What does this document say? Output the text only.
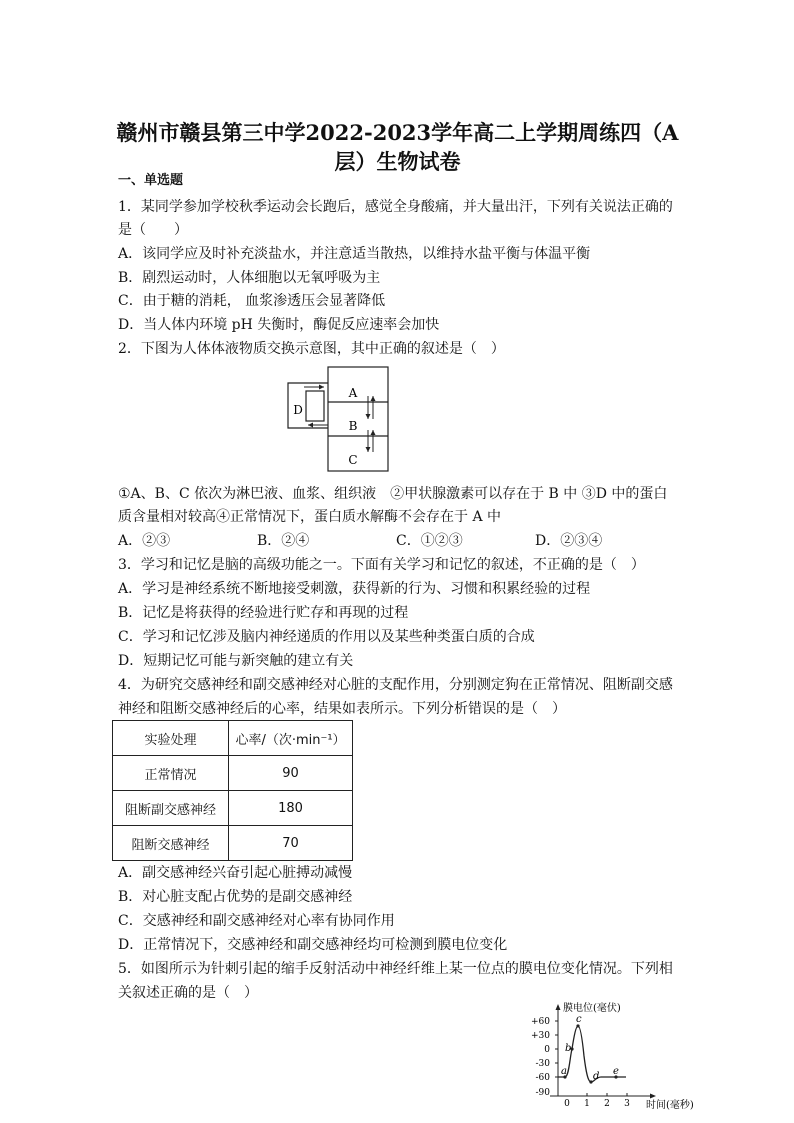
赣州市赣县第三中学2022-2023学年高二上学期周练四（A
层）生物试卷
一、单选题
1．某同学参加学校秋季运动会长跑后，感觉全身酸痛，并大量出汗，下列有关说法正确的
是（　　）
A．该同学应及时补充淡盐水，并注意适当散热，以维持水盐平衡与体温平衡
B．剧烈运动时，人体细胞以无氧呼吸为主
C．由于糖的消耗， 血浆渗透压会显著降低
D．当人体内环境 pH 失衡时，酶促反应速率会加快
2．下图为人体体液物质交换示意图，其中正确的叙述是（　）
A
B
C
D
①A、B、C 依次为淋巴液、血浆、组织液　②甲状腺激素可以存在于 B 中 ③D 中的蛋白
质含量相对较高④正常情况下，蛋白质水解酶不会存在于 A 中
A．②③	B．②④	C．①②③	D．②③④
3．学习和记忆是脑的高级功能之一。下面有关学习和记忆的叙述，不正确的是（　）
A．学习是神经系统不断地接受刺激，获得新的行为、习惯和积累经验的过程
B．记忆是将获得的经验进行贮存和再现的过程
C．学习和记忆涉及脑内神经递质的作用以及某些种类蛋白质的合成
D．短期记忆可能与新突触的建立有关
4．为研究交感神经和副交感神经对心脏的支配作用，分别测定狗在正常情况、阻断副交感
神经和阻断交感神经后的心率，结果如表所示。下列分析错误的是（　）
实验处理	心率/（次·min⁻¹）
正常情况	90
阻断副交感神经	180
阻断交感神经	70
A．副交感神经兴奋引起心脏搏动减慢
B．对心脏支配占优势的是副交感神经
C．交感神经和副交感神经对心率有协同作用
D．正常情况下，交感神经和副交感神经均可检测到膜电位变化
5．如图所示为针刺引起的缩手反射活动中神经纤维上某一位点的膜电位变化情况。下列相
关叙述正确的是（　）
膜电位(毫伏)
时间(毫秒)
+60
+30
0
-30
-60
-90
0 1 2 3
a
b
c
d e
